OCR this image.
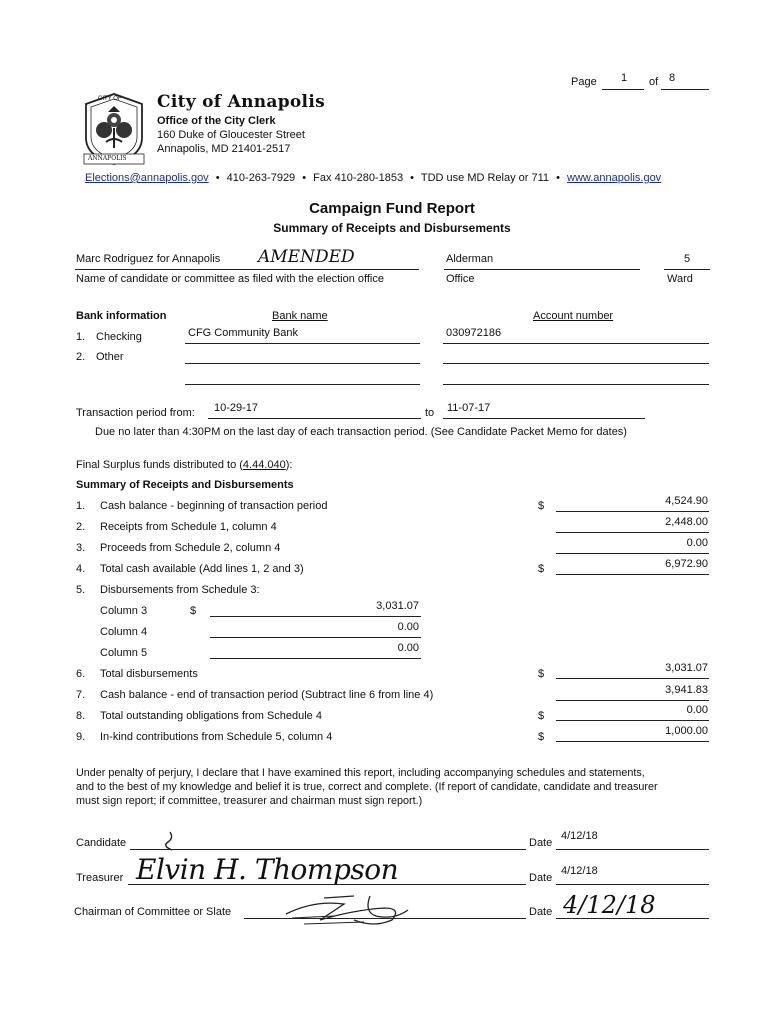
Page	1	of 8
CITY OF
ANNAPOLIS
City of Annapolis
Office of the City Clerk
160 Duke of Gloucester Street
Annapolis, MD 21401-2517
Elections@annapolis.gov • 410-263-7929 • Fax 410-280-1853 • TDD use MD Relay or 711 • www.annapolis.gov
Campaign Fund Report
Summary of Receipts and Disbursements
Marc Rodriguez for Annapolis AMENDED
Name of candidate or committee as filed with the election office
Alderman
Office
5
Ward
Bank information	Bank name	Account number
1. Checking	CFG Community Bank	030972186
2. Other
Transaction period from: 10-29-17	to 11-07-17
Due no later than 4:30PM on the last day of each transaction period. (See Candidate Packet Memo for dates)
Final Surplus funds distributed to (4.44.040):
Summary of Receipts and Disbursements
1. Cash balance - beginning of transaction period	$	4,524.90
2. Receipts from Schedule 1, column 4	2,448.00
3. Proceeds from Schedule 2, column 4	0.00
4. Total cash available (Add lines 1, 2 and 3)	$	6,972.90
5. Disbursements from Schedule 3:
Column 3	$	3,031.07
Column 4	0.00
Column 5	0.00
6. Total disbursements	$	3,031.07
7. Cash balance - end of transaction period (Subtract line 6 from line 4)	3,941.83
8. Total outstanding obligations from Schedule 4	$	0.00
9. In-kind contributions from Schedule 5, column 4	$	1,000.00
Under penalty of perjury, I declare that I have examined this report, including accompanying schedules and statements,
and to the best of my knowledge and belief it is true, correct and complete. (If report of candidate, candidate and treasurer
must sign report; if committee, treasurer and chairman must sign report.)
Candidate	Date
4/12/18
Treasurer Elvin H. Thompson	Date
4/12/18
Chairman of Committee or Slate	Date 4/12/18
